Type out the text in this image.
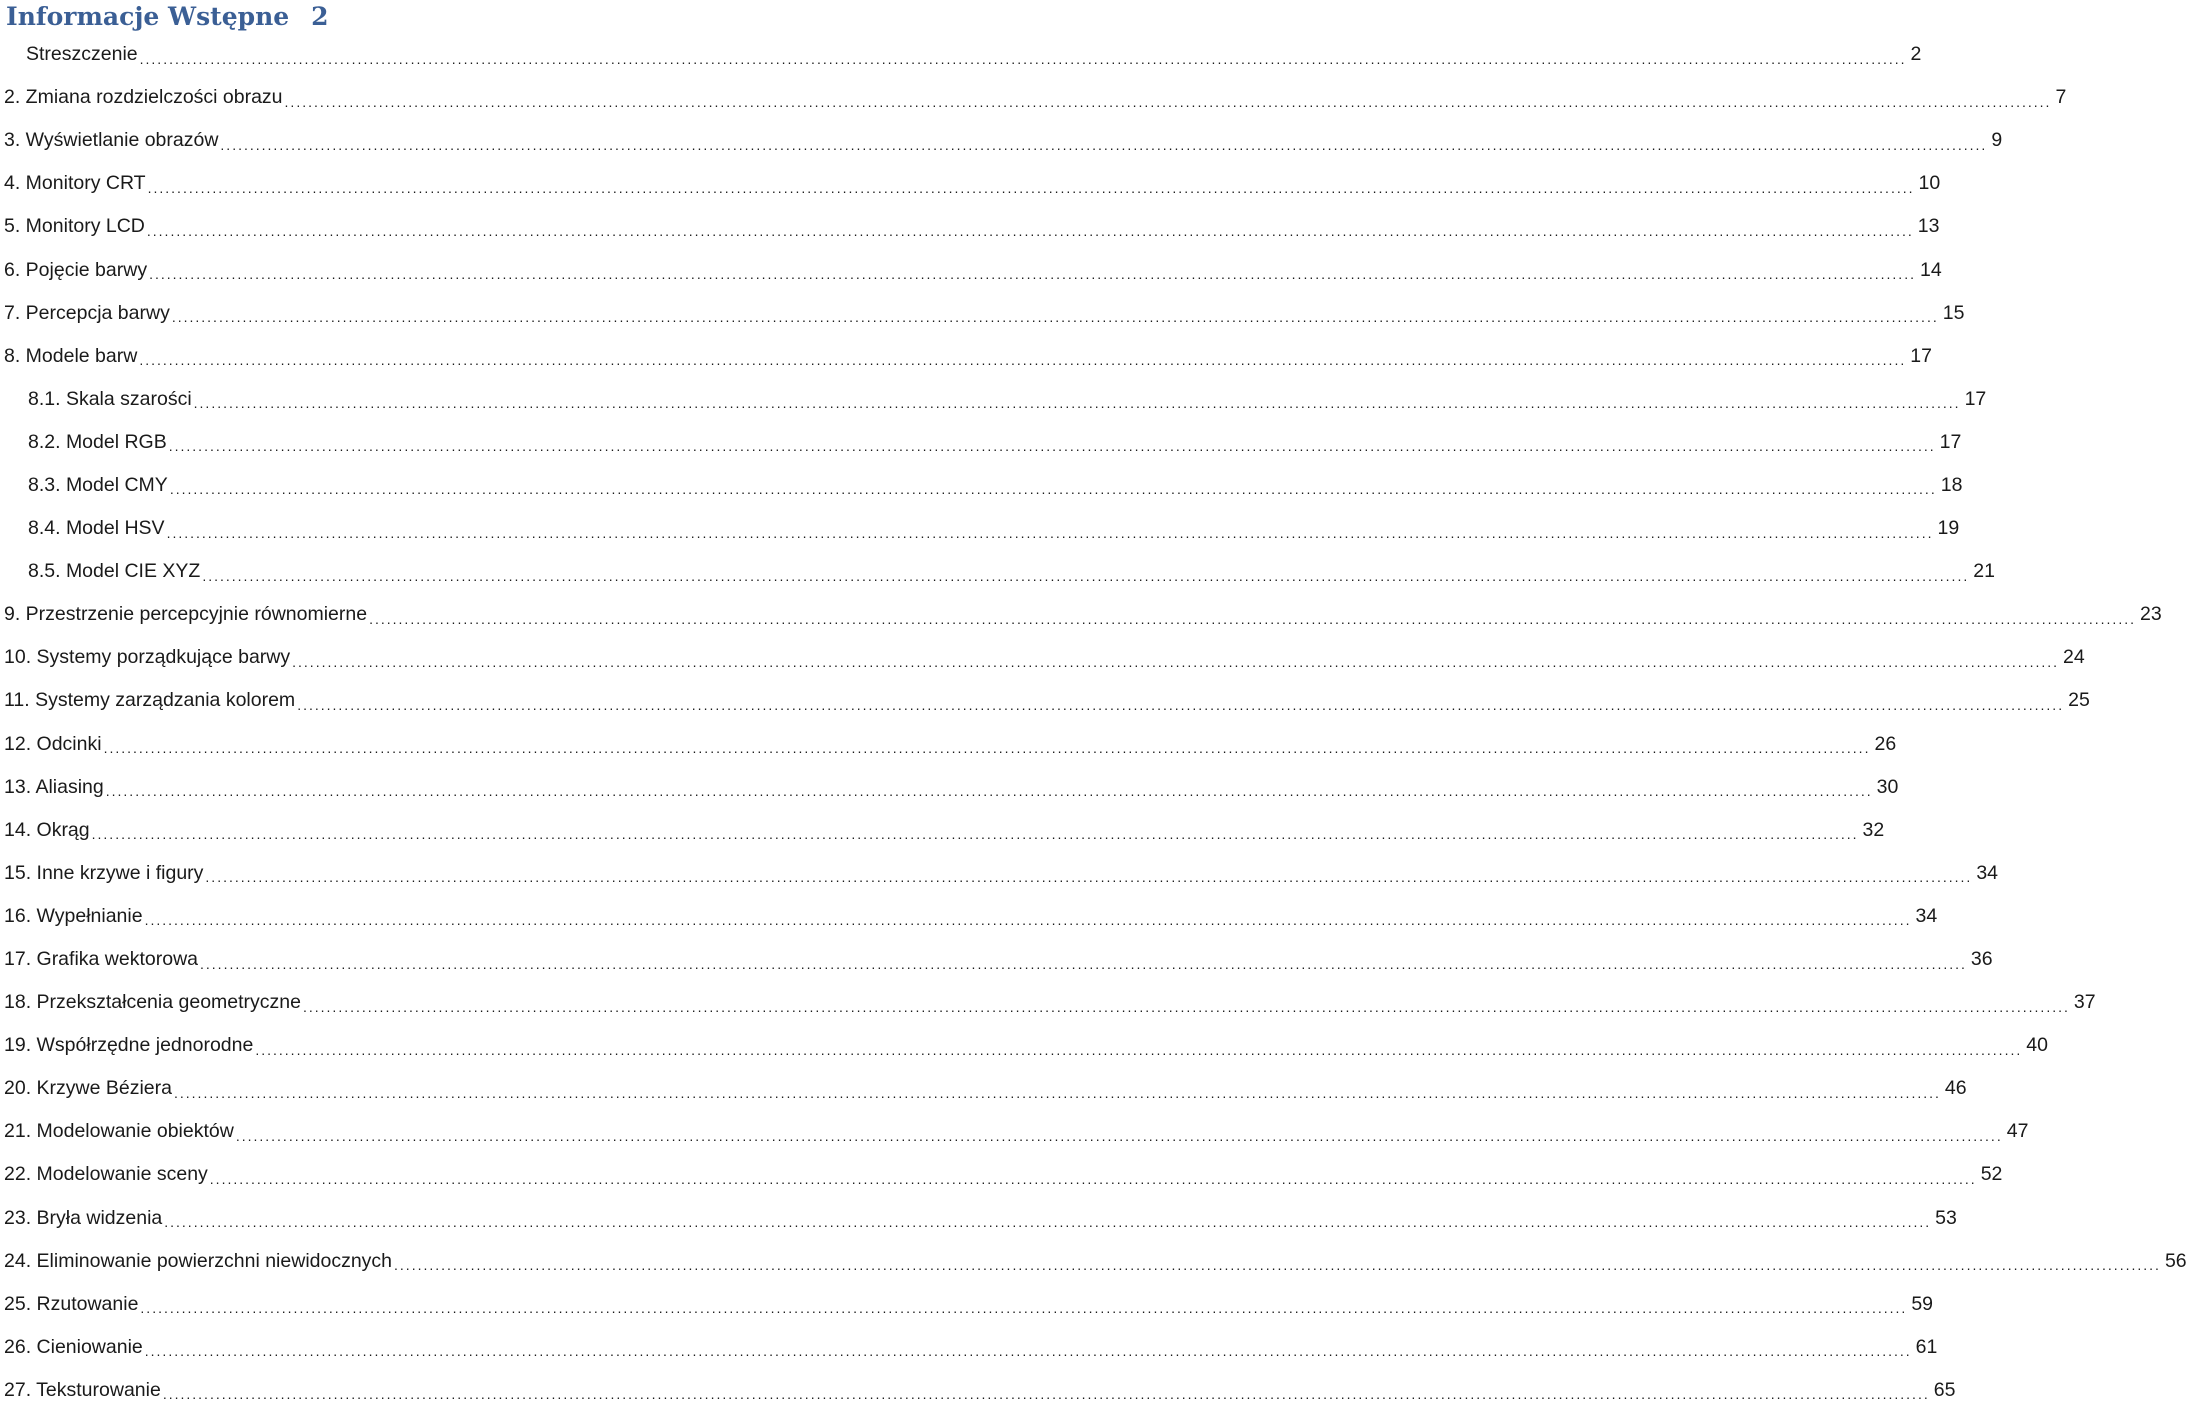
Informacje Wstępne 2
Streszczenie ............................................................................................................................................................................................................................................................................................................ 2
2. Zmiana rozdzielczości obrazu ............................................................................................................................................................................................................................................................................................................ 7
3. Wyświetlanie obrazów ............................................................................................................................................................................................................................................................................................................ 9
4. Monitory CRT ............................................................................................................................................................................................................................................................................................................ 10
5. Monitory LCD ............................................................................................................................................................................................................................................................................................................ 13
6. Pojęcie barwy ............................................................................................................................................................................................................................................................................................................ 14
7. Percepcja barwy ............................................................................................................................................................................................................................................................................................................ 15
8. Modele barw ............................................................................................................................................................................................................................................................................................................ 17
8.1. Skala szarości ............................................................................................................................................................................................................................................................................................................ 17
8.2. Model RGB ............................................................................................................................................................................................................................................................................................................ 17
8.3. Model CMY ............................................................................................................................................................................................................................................................................................................ 18
8.4. Model HSV ............................................................................................................................................................................................................................................................................................................ 19
8.5. Model CIE XYZ ............................................................................................................................................................................................................................................................................................................ 21
9. Przestrzenie percepcyjnie równomierne ............................................................................................................................................................................................................................................................................................................ 23
10. Systemy porządkujące barwy ............................................................................................................................................................................................................................................................................................................ 24
11. Systemy zarządzania kolorem ............................................................................................................................................................................................................................................................................................................ 25
12. Odcinki ............................................................................................................................................................................................................................................................................................................ 26
13. Aliasing ............................................................................................................................................................................................................................................................................................................ 30
14. Okrąg ............................................................................................................................................................................................................................................................................................................ 32
15. Inne krzywe i figury ............................................................................................................................................................................................................................................................................................................ 34
16. Wypełnianie ............................................................................................................................................................................................................................................................................................................ 34
17. Grafika wektorowa ............................................................................................................................................................................................................................................................................................................ 36
18. Przekształcenia geometryczne ............................................................................................................................................................................................................................................................................................................ 37
19. Współrzędne jednorodne ............................................................................................................................................................................................................................................................................................................ 40
20. Krzywe Béziera ............................................................................................................................................................................................................................................................................................................ 46
21. Modelowanie obiektów ............................................................................................................................................................................................................................................................................................................ 47
22. Modelowanie sceny ............................................................................................................................................................................................................................................................................................................ 52
23. Bryła widzenia ............................................................................................................................................................................................................................................................................................................ 53
24. Eliminowanie powierzchni niewidocznych ............................................................................................................................................................................................................................................................................................................ 56
25. Rzutowanie ............................................................................................................................................................................................................................................................................................................ 59
26. Cieniowanie ............................................................................................................................................................................................................................................................................................................ 61
27. Teksturowanie ............................................................................................................................................................................................................................................................................................................ 65
